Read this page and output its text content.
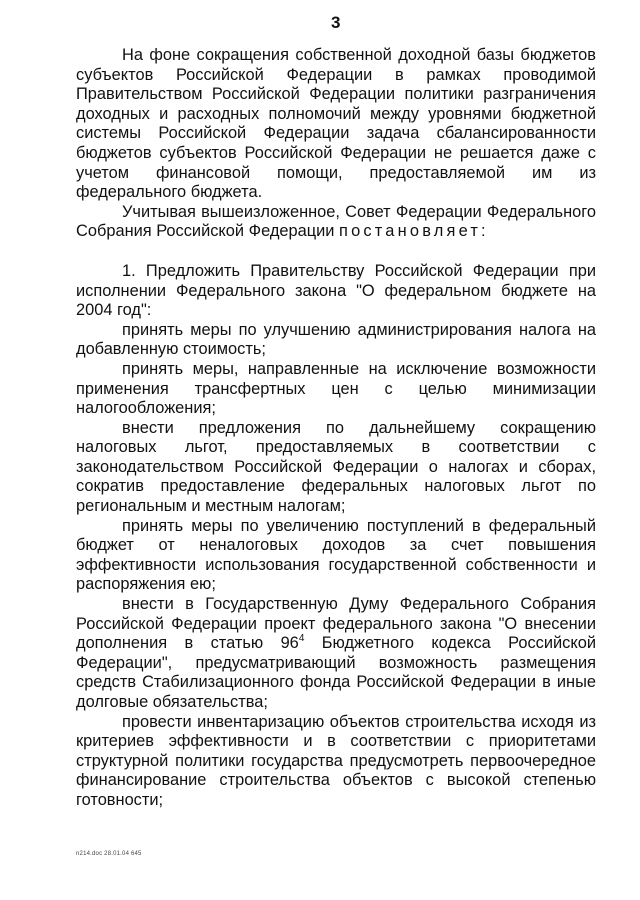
3

На фоне сокращения собственной доходной базы бюджетов субъектов Российской Федерации в рамках проводимой Правительством Российской Федерации политики разграничения доходных и расходных полномочий между уровнями бюджетной системы Российской Федерации задача сбалансированности бюджетов субъектов Российской Федерации не решается даже с учетом финансовой помощи, предоставляемой им из федерального бюджета.

Учитывая вышеизложенное, Совет Федерации Федерального Собрания Российской Федерации постановляет:

1. Предложить Правительству Российской Федерации при исполнении Федерального закона "О федеральном бюджете на 2004 год":

принять меры по улучшению администрирования налога на добавленную стоимость;

принять меры, направленные на исключение возможности применения трансфертных цен с целью минимизации налогообложения;

внести предложения по дальнейшему сокращению налоговых льгот, предоставляемых в соответствии с законодательством Российской Федерации о налогах и сборах, сократив предоставление федеральных налоговых льгот по региональным и местным налогам;

принять меры по увеличению поступлений в федеральный бюджет от неналоговых доходов за счет повышения эффективности использования государственной собственности и распоряжения ею;

внести в Государственную Думу Федерального Собрания Российской Федерации проект федерального закона "О внесении дополнения в статью $96^4$ Бюджетного кодекса Российской Федерации", предусматривающий возможность размещения средств Стабилизационного фонда Российской Федерации в иные долговые обязательства;

провести инвентаризацию объектов строительства исходя из критериев эффективности и в соответствии с приоритетами структурной политики государства предусмотреть первоочередное финансирование строительства объектов с высокой степенью готовности;

n214.doc 28.01.04 645
